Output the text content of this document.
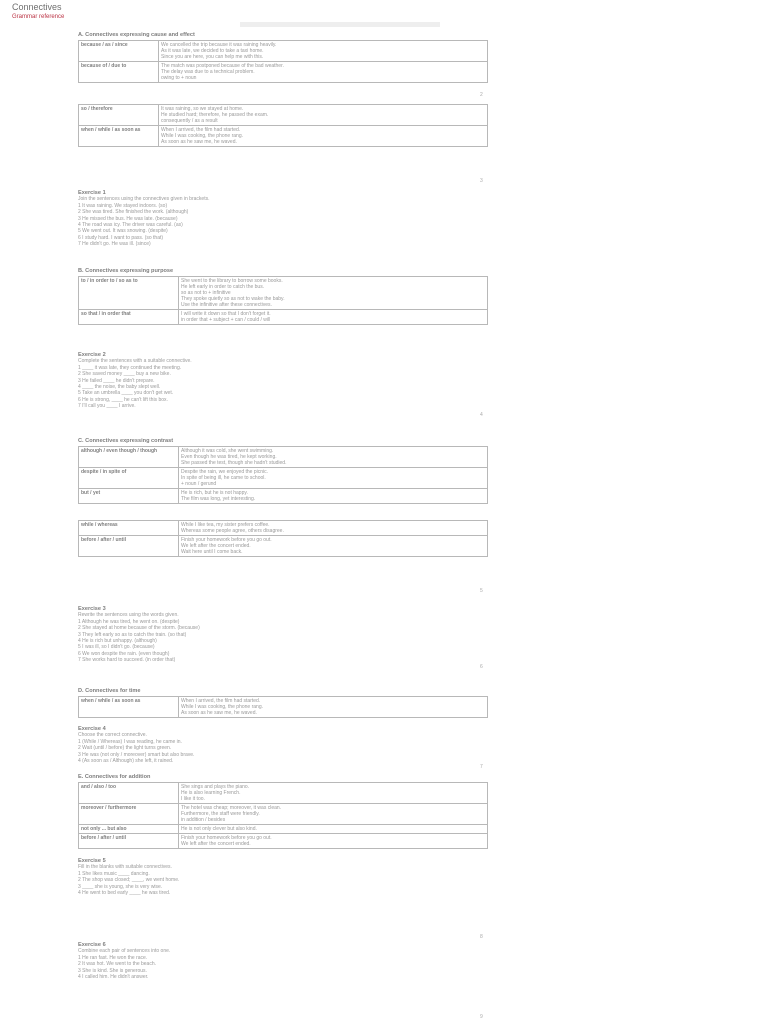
Connectives
Grammar reference
A. Connectives expressing cause and effect
because / as / since	We cancelled the trip because it was raining heavily.
As it was late, we decided to take a taxi home.
Since you are here, you can help me with this.

because of / due to	The match was postponed because of the bad weather.
The delay was due to a technical problem.
owing to + noun
2
so / therefore	It was raining, so we stayed at home.
He studied hard; therefore, he passed the exam.
consequently / as a result

when / while / as soon as	When I arrived, the film had started.
While I was cooking, the phone rang.
As soon as he saw me, he waved.
3
Exercise 1
Join the sentences using the connectives given in brackets.
1 It was raining. We stayed indoors. (so)
2 She was tired. She finished the work. (although)
3 He missed the bus. He was late. (because)
4 The road was icy. The driver was careful. (as)
5 We went out. It was snowing. (despite)
6 I study hard. I want to pass. (so that)
7 He didn't go. He was ill. (since)
B. Connectives expressing purpose
to / in order to / so as to	She went to the library to borrow some books.
He left early in order to catch the bus.
so as not to + infinitive
They spoke quietly so as not to wake the baby.
Use the infinitive after these connectives.

so that / in order that	I will write it down so that I don't forget it.
in order that + subject + can / could / will
Exercise 2
Complete the sentences with a suitable connective.
1 ____ it was late, they continued the meeting.
2 She saved money ____ buy a new bike.
3 He failed ____ he didn't prepare.
4 ____ the noise, the baby slept well.
5 Take an umbrella ____ you don't get wet.
6 He is strong, ____ he can't lift this box.
7 I'll call you ____ I arrive.
4
C. Connectives expressing contrast
although / even though / though	Although it was cold, she went swimming.
Even though he was tired, he kept working.
She passed the test, though she hadn't studied.

despite / in spite of	Despite the rain, we enjoyed the picnic.
In spite of being ill, he came to school.
+ noun / gerund

but / yet	He is rich, but he is not happy.
The film was long, yet interesting.
while / whereas	While I like tea, my sister prefers coffee.
Whereas some people agree, others disagree.

before / after / until	Finish your homework before you go out.
We left after the concert ended.
Wait here until I come back.
5
Exercise 3
Rewrite the sentences using the words given.
1 Although he was tired, he went on. (despite)
2 She stayed at home because of the storm. (because)
3 They left early so as to catch the train. (so that)
4 He is rich but unhappy. (although)
5 I was ill, so I didn't go. (because)
6 We won despite the rain. (even though)
7 She works hard to succeed. (in order that)
6
D. Connectives for time
when / while / as soon as	When I arrived, the film had started.
While I was cooking, the phone rang.
As soon as he saw me, he waved.
Exercise 4
Choose the correct connective.
1 (While / Whereas) I was reading, he came in.
2 Wait (until / before) the light turns green.
3 He was (not only / moreover) smart but also brave.
4 (As soon as / Although) she left, it rained.
7
E. Connectives for addition
and / also / too	She sings and plays the piano.
He is also learning French.
I like it too.

moreover / furthermore	The hotel was cheap; moreover, it was clean.
Furthermore, the staff were friendly.
in addition / besides

not only ... but also	He is not only clever but also kind.

before / after / until	Finish your homework before you go out.
We left after the concert ended.
Exercise 5
Fill in the blanks with suitable connectives.
1 She likes music ____ dancing.
2 The shop was closed; ____, we went home.
3 ____ she is young, she is very wise.
4 He went to bed early ____ he was tired.
8
Exercise 6
Combine each pair of sentences into one.
1 He ran fast. He won the race.
2 It was hot. We went to the beach.
3 She is kind. She is generous.
4 I called him. He didn't answer.
9
